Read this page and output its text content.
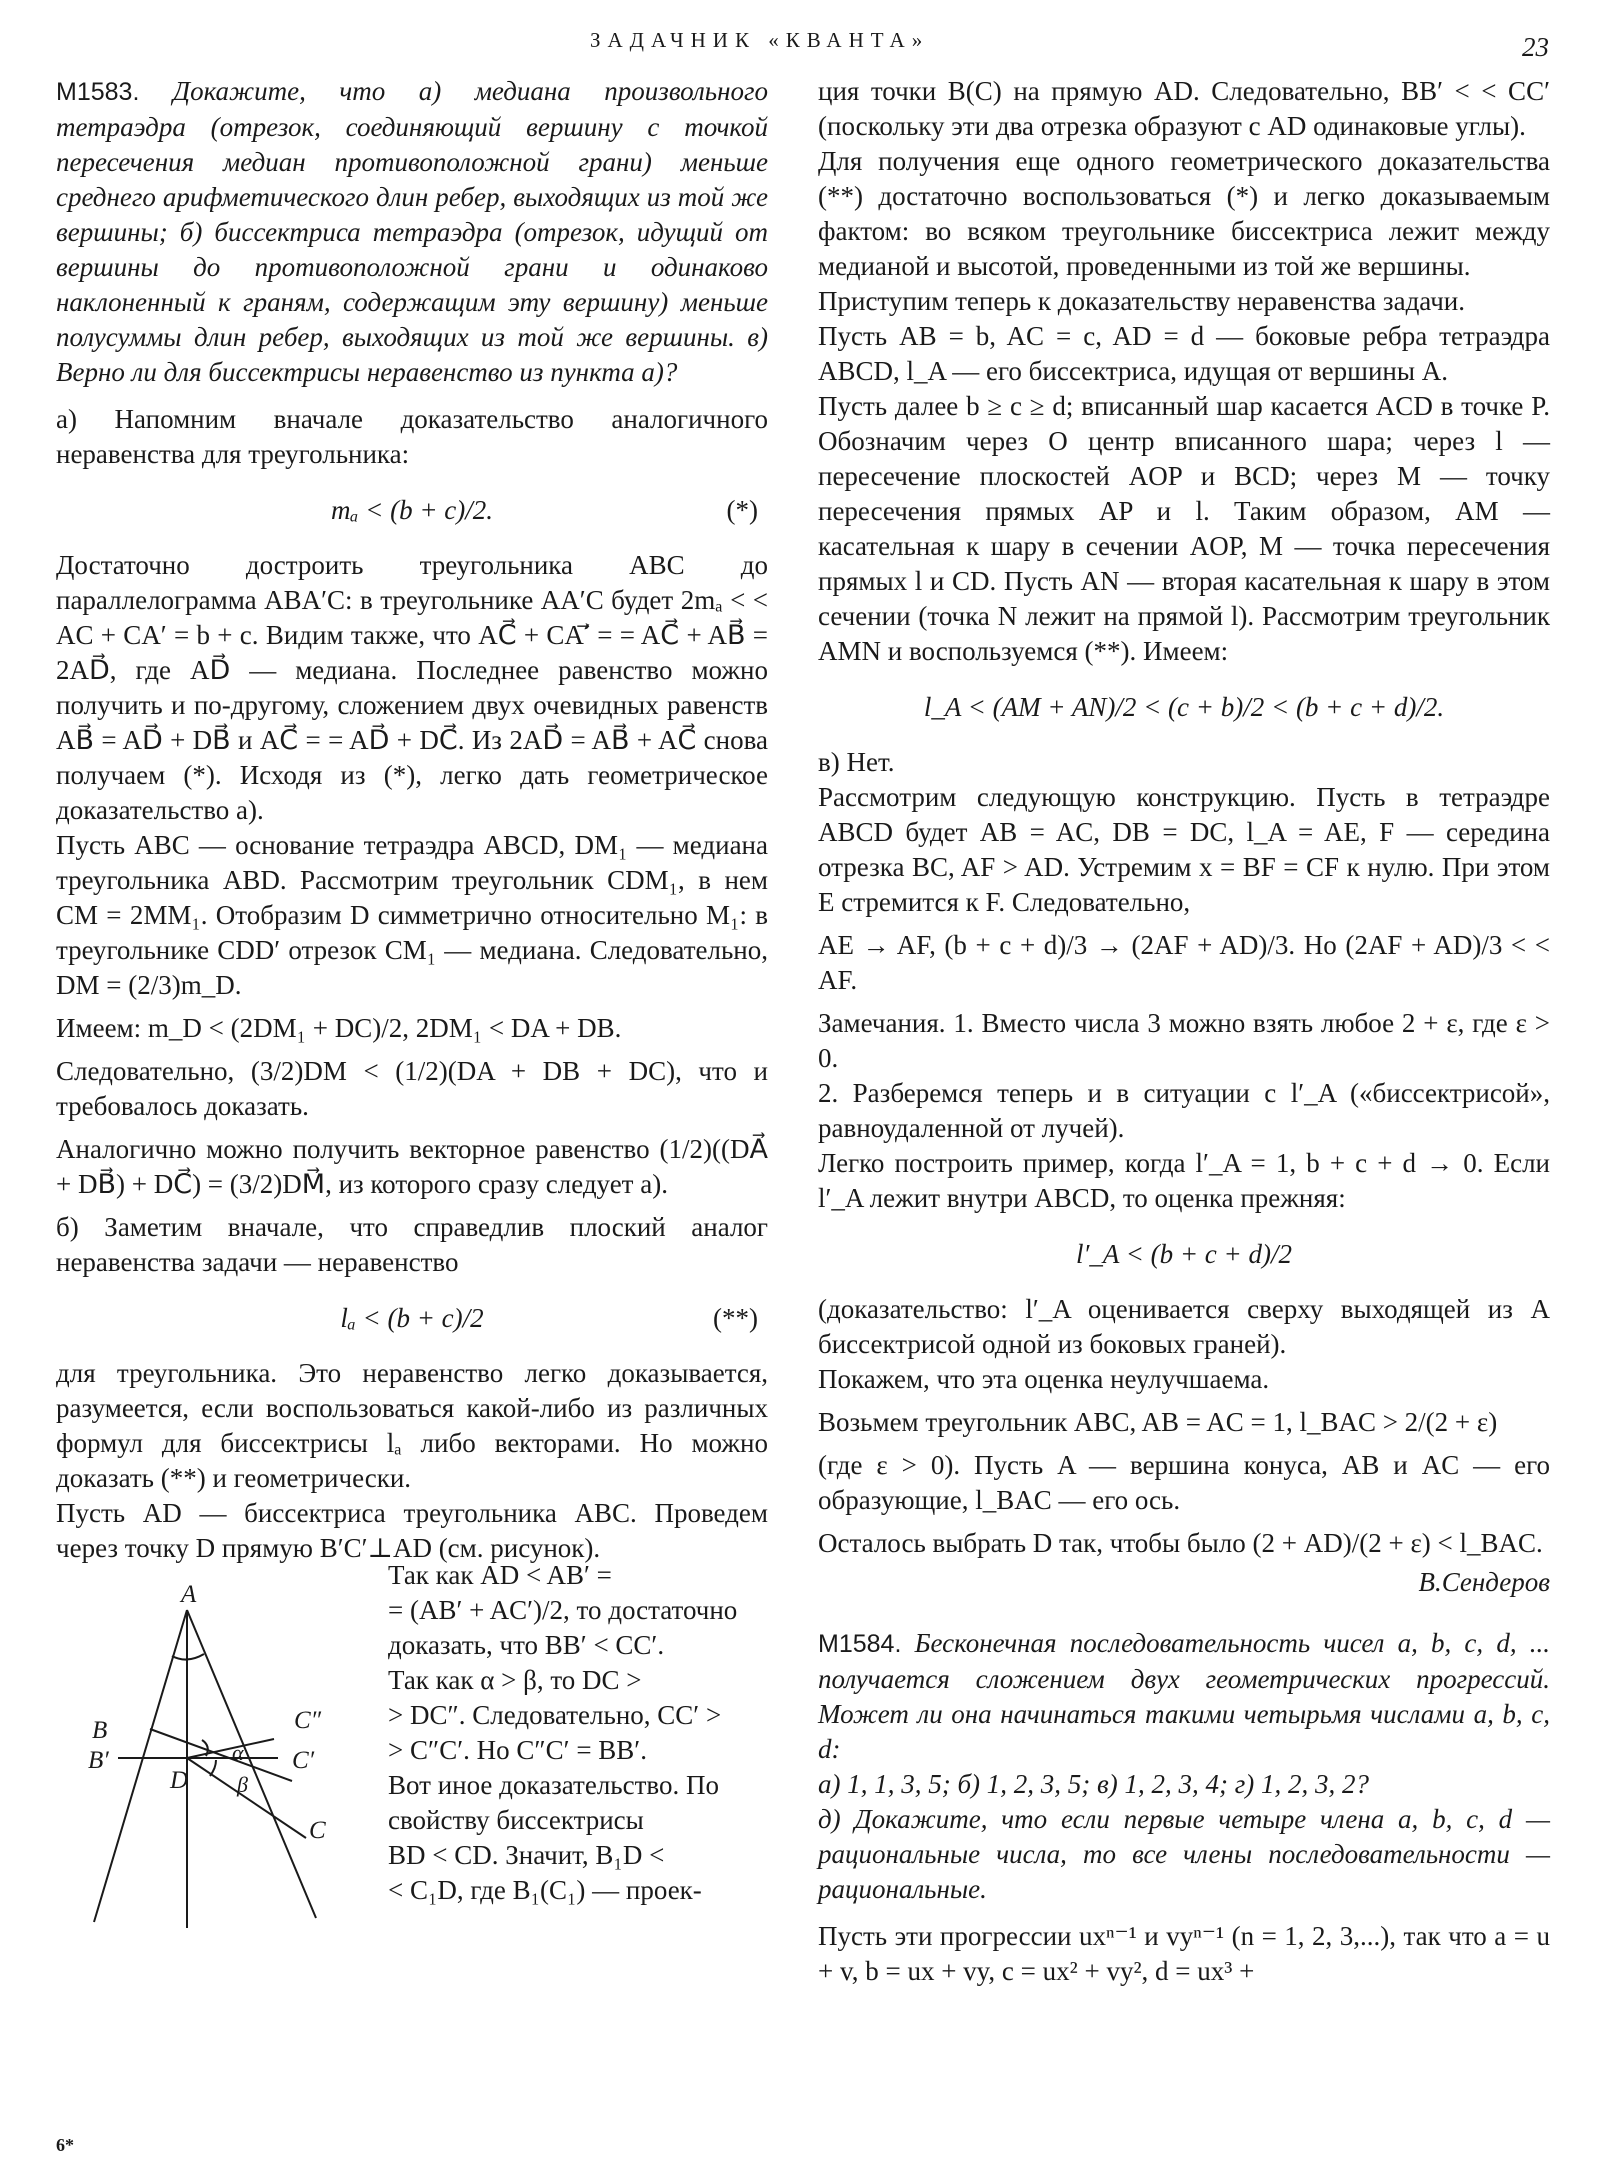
ЗАДАЧНИК «КВАНТА»	23

М1583. Докажите, что а) медиана произвольного тетраэдра (отрезок, соединяющий вершину с точкой пересечения медиан противоположной грани) меньше среднего арифметического длин ребер, выходящих из той же вершины; б) биссектриса тетраэдра (отрезок, идущий от вершины до противоположной грани и одинаково наклоненный к граням, содержащим эту вершину) меньше полусуммы длин ребер, выходящих из той же вершины. в) Верно ли для биссектрисы неравенство из пункта а)?

а) Напомним вначале доказательство аналогичного неравенства для треугольника:

mₐ < (b + c)/2.	(*)

Достаточно достроить треугольника ABC до параллелограмма ABA′C: в треугольнике AA′C будет 2mₐ < < AC + CA′ = b + c. Видим также, что AC⃗ + CA′⃗ = = AC⃗ + AB⃗ = 2AD⃗, где AD⃗ — медиана. Последнее равенство можно получить и по-другому, сложением двух очевидных равенств AB⃗ = AD⃗ + DB⃗ и AC⃗ = = AD⃗ + DC⃗. Из 2AD⃗ = AB⃗ + AC⃗ снова получаем (*). Исходя из (*), легко дать геометрическое доказательство а).

Пусть ABC — основание тетраэдра ABCD, DM₁ — медиана треугольника ABD. Рассмотрим треугольник CDM₁, в нем CM = 2MM₁. Отобразим D симметрично относительно M₁: в треугольнике CDD′ отрезок CM₁ — медиана. Следовательно, DM = (2/3)m_D.

Имеем: m_D < (2DM₁ + DC)/2, 2DM₁ < DA + DB.

Следовательно, (3/2)DM < (1/2)(DA + DB + DC), что и требовалось доказать.

Аналогично можно получить векторное равенство (1/2)((DA⃗ + DB⃗) + DC⃗) = (3/2)DM⃗, из которого сразу следует а).

б) Заметим вначале, что справедлив плоский аналог неравенства задачи — неравенство

lₐ < (b + c)/2	(**)

для треугольника. Это неравенство легко доказывается, разумеется, если воспользоваться какой-либо из различных формул для биссектрисы lₐ либо векторами. Но можно доказать (**) и геометрически.

Пусть AD — биссектриса треугольника ABC. Проведем через точку D прямую B′C′⊥AD (см. рисунок).

A
B
B′
D
C″
C′
C
α
β

Так как AD < AB′ =

= (AB′ + AC′)/2, то достаточно

доказать, что BB′ < CC′.

Так как α > β, то DC >

> DC″. Следовательно, CC′ >

> C″C′. Но C″C′ = BB′.

Вот иное доказательство. По

свойству биссектрисы

BD < CD. Значит, B₁D <

< C₁D, где B₁(C₁) — проек-

ция точки B(C) на прямую AD. Следовательно, BB′ < < CC′ (поскольку эти два отрезка образуют с AD одинаковые углы).

Для получения еще одного геометрического доказательства (**) достаточно воспользоваться (*) и легко доказываемым фактом: во всяком треугольнике биссектриса лежит между медианой и высотой, проведенными из той же вершины.

Приступим теперь к доказательству неравенства задачи.

Пусть AB = b, AC = c, AD = d — боковые ребра тетраэдра ABCD, l_A — его биссектриса, идущая от вершины A.

Пусть далее b ≥ c ≥ d; вписанный шар касается ACD в точке P. Обозначим через O центр вписанного шара; через l — пересечение плоскостей AOP и BCD; через M — точку пересечения прямых AP и l. Таким образом, AM — касательная к шару в сечении AOP, M — точка пересечения прямых l и CD. Пусть AN — вторая касательная к шару в этом сечении (точка N лежит на прямой l). Рассмотрим треугольник AMN и воспользуемся (**). Имеем:

l_A < (AM + AN)/2 < (c + b)/2 < (b + c + d)/2.

в) Нет.

Рассмотрим следующую конструкцию. Пусть в тетраэдре ABCD будет AB = AC, DB = DC, l_A = AE, F — середина отрезка BC, AF > AD. Устремим x = BF = CF к нулю. При этом E стремится к F. Следовательно,

AE → AF, (b + c + d)/3 → (2AF + AD)/3. Но (2AF + AD)/3 < < AF.

Замечания. 1. Вместо числа 3 можно взять любое 2 + ε, где ε > 0.

2. Разберемся теперь и в ситуации с l′_A («биссектрисой», равноудаленной от лучей).

Легко построить пример, когда l′_A = 1, b + c + d → 0. Если l′_A лежит внутри ABCD, то оценка прежняя:

l′_A < (b + c + d)/2

(доказательство: l′_A оценивается сверху выходящей из A биссектрисой одной из боковых граней).

Покажем, что эта оценка неулучшаема.

Возьмем треугольник ABC, AB = AC = 1, l_BAC > 2/(2 + ε)

(где ε > 0). Пусть A — вершина конуса, AB и AC — его образующие, l_BAC — его ось.

Осталось выбрать D так, чтобы было (2 + AD)/(2 + ε) < l_BAC.

В.Сендеров

М1584. Бесконечная последовательность чисел a, b, c, d, ... получается сложением двух геометрических прогрессий. Может ли она начинаться такими четырьмя числами a, b, c, d:

а) 1, 1, 3, 5; б) 1, 2, 3, 5; в) 1, 2, 3, 4; г) 1, 2, 3, 2?

д) Докажите, что если первые четыре члена a, b, c, d — рациональные числа, то все члены последовательности — рациональные.

Пусть эти прогрессии uxⁿ⁻¹ и vyⁿ⁻¹ (n = 1, 2, 3,...), так что a = u + v, b = ux + vy, c = ux² + vy², d = ux³ +

6*
